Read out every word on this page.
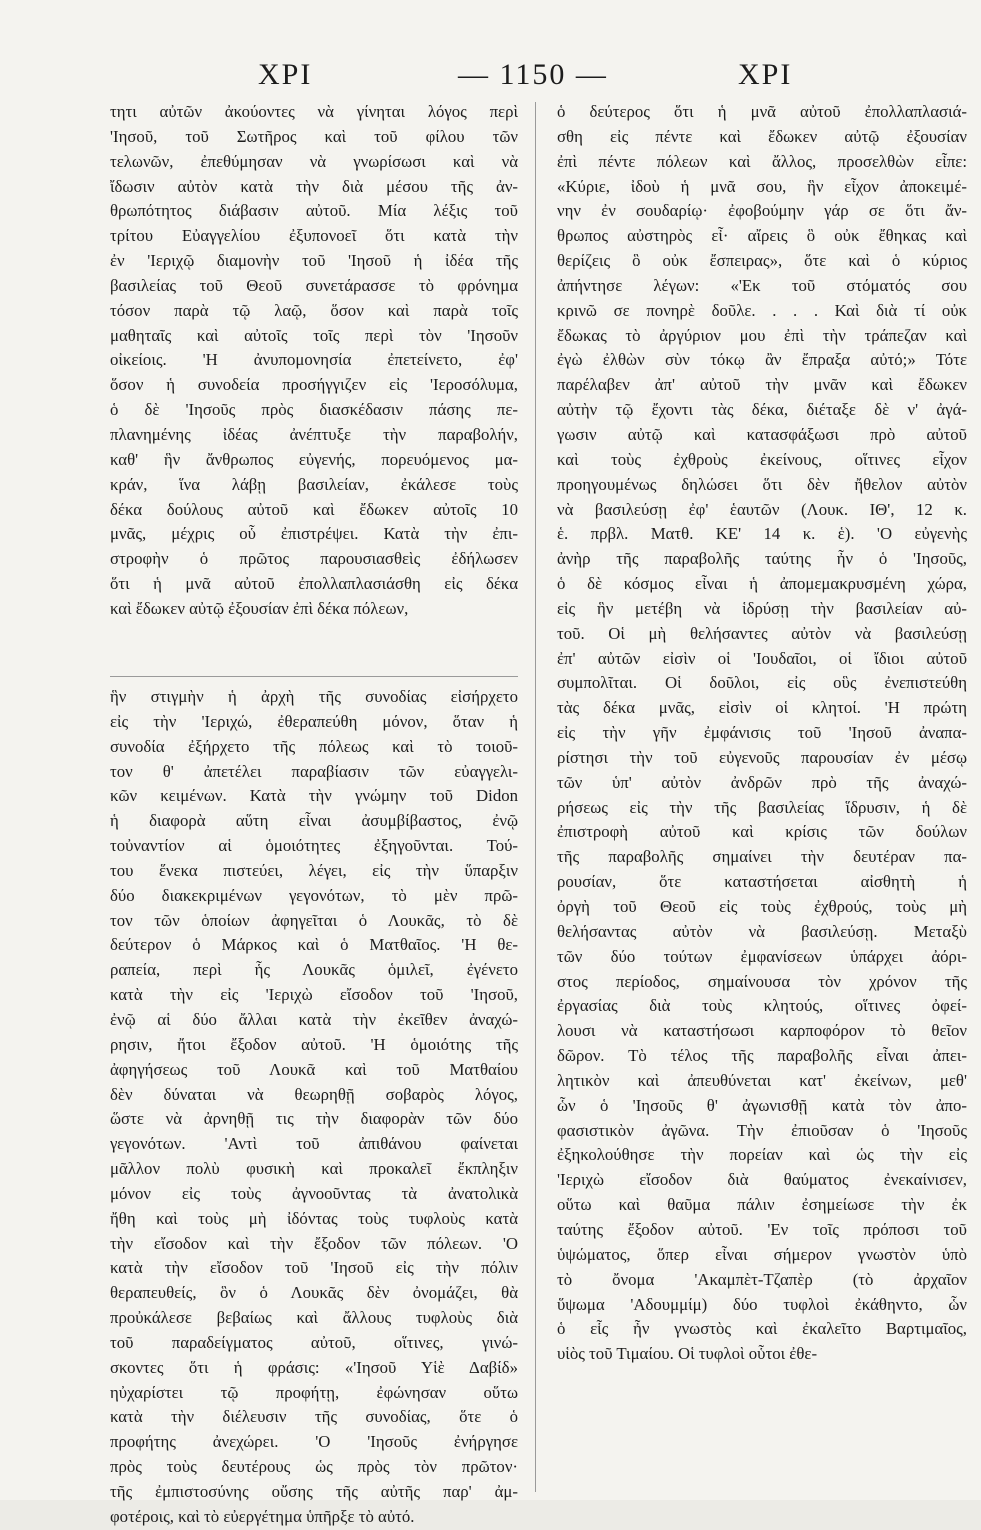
ΧΡΙ	— 1150 —	ΧΡΙ
τητι αὐτῶν ἀκούοντες νὰ γίνηται λόγος περὶ
'Ιησοῦ, τοῦ Σωτῆρος καὶ τοῦ φίλου τῶν
τελωνῶν, ἐπεθύμησαν νὰ γνωρίσωσι καὶ νὰ
ἴδωσιν αὐτὸν κατὰ τὴν διὰ μέσου τῆς ἀν-
θρωπότητος διάβασιν αὐτοῦ. Μία λέξις τοῦ
τρίτου Εὐαγγελίου ἐξυπονοεῖ ὅτι κατὰ τὴν
ἐν 'Ιεριχῷ διαμονὴν τοῦ 'Ιησοῦ ἡ ἰδέα τῆς
βασιλείας τοῦ Θεοῦ συνετάρασσε τὸ φρόνημα
τόσον παρὰ τῷ λαῷ, ὅσον καὶ παρὰ τοῖς
μαθηταῖς καὶ αὐτοῖς τοῖς περὶ τὸν 'Ιησοῦν
οἰκείοις. 'Η ἀνυπομονησία ἐπετείνετο, ἐφ'
ὅσον ἡ συνοδεία προσήγγιζεν εἰς 'Ιεροσόλυμα,
ὁ δὲ 'Ιησοῦς πρὸς διασκέδασιν πάσης πε-
πλανημένης ἰδέας ἀνέπτυξε τὴν παραβολήν,
καθ' ἣν ἄνθρωπος εὐγενής, πορευόμενος μα-
κράν, ἵνα λάβῃ βασιλείαν, ἐκάλεσε τοὺς
δέκα δούλους αὐτοῦ καὶ ἔδωκεν αὐτοῖς 10
μνᾶς, μέχρις οὗ ἐπιστρέψει. Κατὰ τὴν ἐπι-
στροφὴν ὁ πρῶτος παρουσιασθεὶς ἐδήλωσεν
ὅτι ἡ μνᾶ αὐτοῦ ἐπολλαπλασιάσθη εἰς δέκα
καὶ ἔδωκεν αὐτῷ ἐξουσίαν ἐπὶ δέκα πόλεων,
ἣν στιγμὴν ἡ ἀρχὴ τῆς συνοδίας εἰσήρχετο
εἰς τὴν 'Ιεριχώ, ἐθεραπεύθη μόνον, ὅταν ἡ
συνοδία ἐξήρχετο τῆς πόλεως καὶ τὸ τοιοῦ-
τον θ' ἀπετέλει παραβίασιν τῶν εὐαγγελι-
κῶν κειμένων. Κατὰ τὴν γνώμην τοῦ Didon
ἡ διαφορὰ αὕτη εἶναι ἀσυμβίβαστος, ἐνῷ
τοὐναντίον αἱ ὁμοιότητες ἐξηγοῦνται. Τού-
του ἕνεκα πιστεύει, λέγει, εἰς τὴν ὕπαρξιν
δύο διακεκριμένων γεγονότων, τὸ μὲν πρῶ-
τον τῶν ὁποίων ἀφηγεῖται ὁ Λουκᾶς, τὸ δὲ
δεύτερον ὁ Μάρκος καὶ ὁ Ματθαῖος. 'Η θε-
ραπεία, περὶ ἧς Λουκᾶς ὁμιλεῖ, ἐγένετο
κατὰ τὴν εἰς 'Ιεριχὼ εἴσοδον τοῦ 'Ιησοῦ,
ἐνῷ αἱ δύο ἄλλαι κατὰ τὴν ἐκεῖθεν ἀναχώ-
ρησιν, ἤτοι ἔξοδον αὐτοῦ. 'Η ὁμοιότης τῆς
ἀφηγήσεως τοῦ Λουκᾶ καὶ τοῦ Ματθαίου
δὲν δύναται νὰ θεωρηθῇ σοβαρὸς λόγος,
ὥστε νὰ ἀρνηθῇ τις τὴν διαφορὰν τῶν δύο
γεγονότων. 'Αντὶ τοῦ ἀπιθάνου φαίνεται
μᾶλλον πολὺ φυσικὴ καὶ προκαλεῖ ἔκπληξιν
μόνον εἰς τοὺς ἀγνοοῦντας τὰ ἀνατολικὰ
ἤθη καὶ τοὺς μὴ ἰδόντας τοὺς τυφλοὺς κατὰ
τὴν εἴσοδον καὶ τὴν ἔξοδον τῶν πόλεων. 'Ο
κατὰ τὴν εἴσοδον τοῦ 'Ιησοῦ εἰς τὴν πόλιν
θεραπευθείς, ὃν ὁ Λουκᾶς δὲν ὀνομάζει, θὰ
προὐκάλεσε βεβαίως καὶ ἄλλους τυφλοὺς διὰ
τοῦ παραδείγματος αὐτοῦ, οἵτινες, γινώ-
σκοντες ὅτι ἡ φράσις: «'Ιησοῦ Υἱὲ Δαβίδ»
ηὐχαρίστει τῷ προφήτῃ, ἐφώνησαν οὕτω
κατὰ τὴν διέλευσιν τῆς συνοδίας, ὅτε ὁ
προφήτης ἀνεχώρει. 'Ο 'Ιησοῦς ἐνήργησε
πρὸς τοὺς δευτέρους ὡς πρὸς τὸν πρῶτον·
τῆς ἐμπιστοσύνης οὔσης τῆς αὐτῆς παρ' ἀμ-
φοτέροις, καὶ τὸ εὐεργέτημα ὑπῆρξε τὸ αὐτό.
ὁ δεύτερος ὅτι ἡ μνᾶ αὐτοῦ ἐπολλαπλασιά-
σθη εἰς πέντε καὶ ἔδωκεν αὐτῷ ἐξουσίαν
ἐπὶ πέντε πόλεων καὶ ἄλλος, προσελθὼν εἶπε:
«Κύριε, ἰδοὺ ἡ μνᾶ σου, ἣν εἶχον ἀποκειμέ-
νην ἐν σουδαρίῳ· ἐφοβούμην γάρ σε ὅτι ἄν-
θρωπος αὐστηρὸς εἶ· αἴρεις ὃ οὐκ ἔθηκας καὶ
θερίζεις ὃ οὐκ ἔσπειρας», ὅτε καὶ ὁ κύριος
ἀπήντησε λέγων: «'Εκ τοῦ στόματός σου
κρινῶ σε πονηρὲ δοῦλε. . . . Καὶ διὰ τί οὐκ
ἔδωκας τὸ ἀργύριον μου ἐπὶ τὴν τράπεζαν καὶ
ἐγὼ ἐλθὼν σὺν τόκῳ ἂν ἔπραξα αὐτό;» Τότε
παρέλαβεν ἀπ' αὐτοῦ τὴν μνᾶν καὶ ἔδωκεν
αὐτὴν τῷ ἔχοντι τὰς δέκα, διέταξε δὲ ν' ἀγά-
γωσιν αὐτῷ καὶ κατασφάξωσι πρὸ αὐτοῦ
καὶ τοὺς ἐχθροὺς ἐκείνους, οἵτινες εἶχον
προηγουμένως δηλώσει ὅτι δὲν ἤθελον αὐτὸν
νὰ βασιλεύσῃ ἐφ' ἑαυτῶν (Λουκ. ΙΘ', 12 κ.
ἑ. πρβλ. Ματθ. ΚΕ' 14 κ. ἑ). 'Ο εὐγενὴς
ἀνὴρ τῆς παραβολῆς ταύτης ἦν ὁ 'Ιησοῦς,
ὁ δὲ κόσμος εἶναι ἡ ἀπομεμακρυσμένη χώρα,
εἰς ἣν μετέβη νὰ ἱδρύσῃ τὴν βασιλείαν αὐ-
τοῦ. Οἱ μὴ θελήσαντες αὐτὸν νὰ βασιλεύσῃ
ἐπ' αὐτῶν εἰσὶν οἱ 'Ιουδαῖοι, οἱ ἴδιοι αὐτοῦ
συμπολῖται. Οἱ δοῦλοι, εἰς οὓς ἐνεπιστεύθη
τὰς δέκα μνᾶς, εἰσὶν οἱ κλητοί. 'Η πρώτη
εἰς τὴν γῆν ἐμφάνισις τοῦ 'Ιησοῦ ἀναπα-
ρίστησι τὴν τοῦ εὐγενοῦς παρουσίαν ἐν μέσῳ
τῶν ὑπ' αὐτὸν ἀνδρῶν πρὸ τῆς ἀναχώ-
ρήσεως εἰς τὴν τῆς βασιλείας ἵδρυσιν, ἡ δὲ
ἐπιστροφὴ αὐτοῦ καὶ κρίσις τῶν δούλων
τῆς παραβολῆς σημαίνει τὴν δευτέραν πα-
ρουσίαν, ὅτε καταστήσεται αἰσθητὴ ἡ
ὀργὴ τοῦ Θεοῦ εἰς τοὺς ἐχθρούς, τοὺς μὴ
θελήσαντας αὐτὸν νὰ βασιλεύσῃ. Μεταξὺ
τῶν δύο τούτων ἐμφανίσεων ὑπάρχει ἀόρι-
στος περίοδος, σημαίνουσα τὸν χρόνον τῆς
ἐργασίας διὰ τοὺς κλητούς, οἵτινες ὀφεί-
λουσι νὰ καταστήσωσι καρποφόρον τὸ θεῖον
δῶρον. Τὸ τέλος τῆς παραβολῆς εἶναι ἀπει-
λητικὸν καὶ ἀπευθύνεται κατ' ἐκείνων, μεθ'
ὧν ὁ 'Ιησοῦς θ' ἀγωνισθῇ κατὰ τὸν ἀπο-
φασιστικὸν ἀγῶνα. Τὴν ἐπιοῦσαν ὁ 'Ιησοῦς
ἐξηκολούθησε τὴν πορείαν καὶ ὡς τὴν εἰς
'Ιεριχὼ εἴσοδον διὰ θαύματος ἐνεκαίνισεν,
οὕτω καὶ θαῦμα πάλιν ἐσημείωσε τὴν ἐκ
ταύτης ἔξοδον αὐτοῦ. 'Εν τοῖς πρόποσι τοῦ
ὑψώματος, ὅπερ εἶναι σήμερον γνωστὸν ὑπὸ
τὸ ὄνομα 'Ακαμπὲτ-Τζαπὲρ (τὸ ἀρχαῖον
ὕψωμα 'Αδουμμίμ) δύο τυφλοὶ ἐκάθηντο, ὧν
ὁ εἷς ἦν γνωστὸς καὶ ἐκαλεῖτο Βαρτιμαῖος,
υἱὸς τοῦ Τιμαίου. Οἱ τυφλοὶ οὗτοι ἐθε-
